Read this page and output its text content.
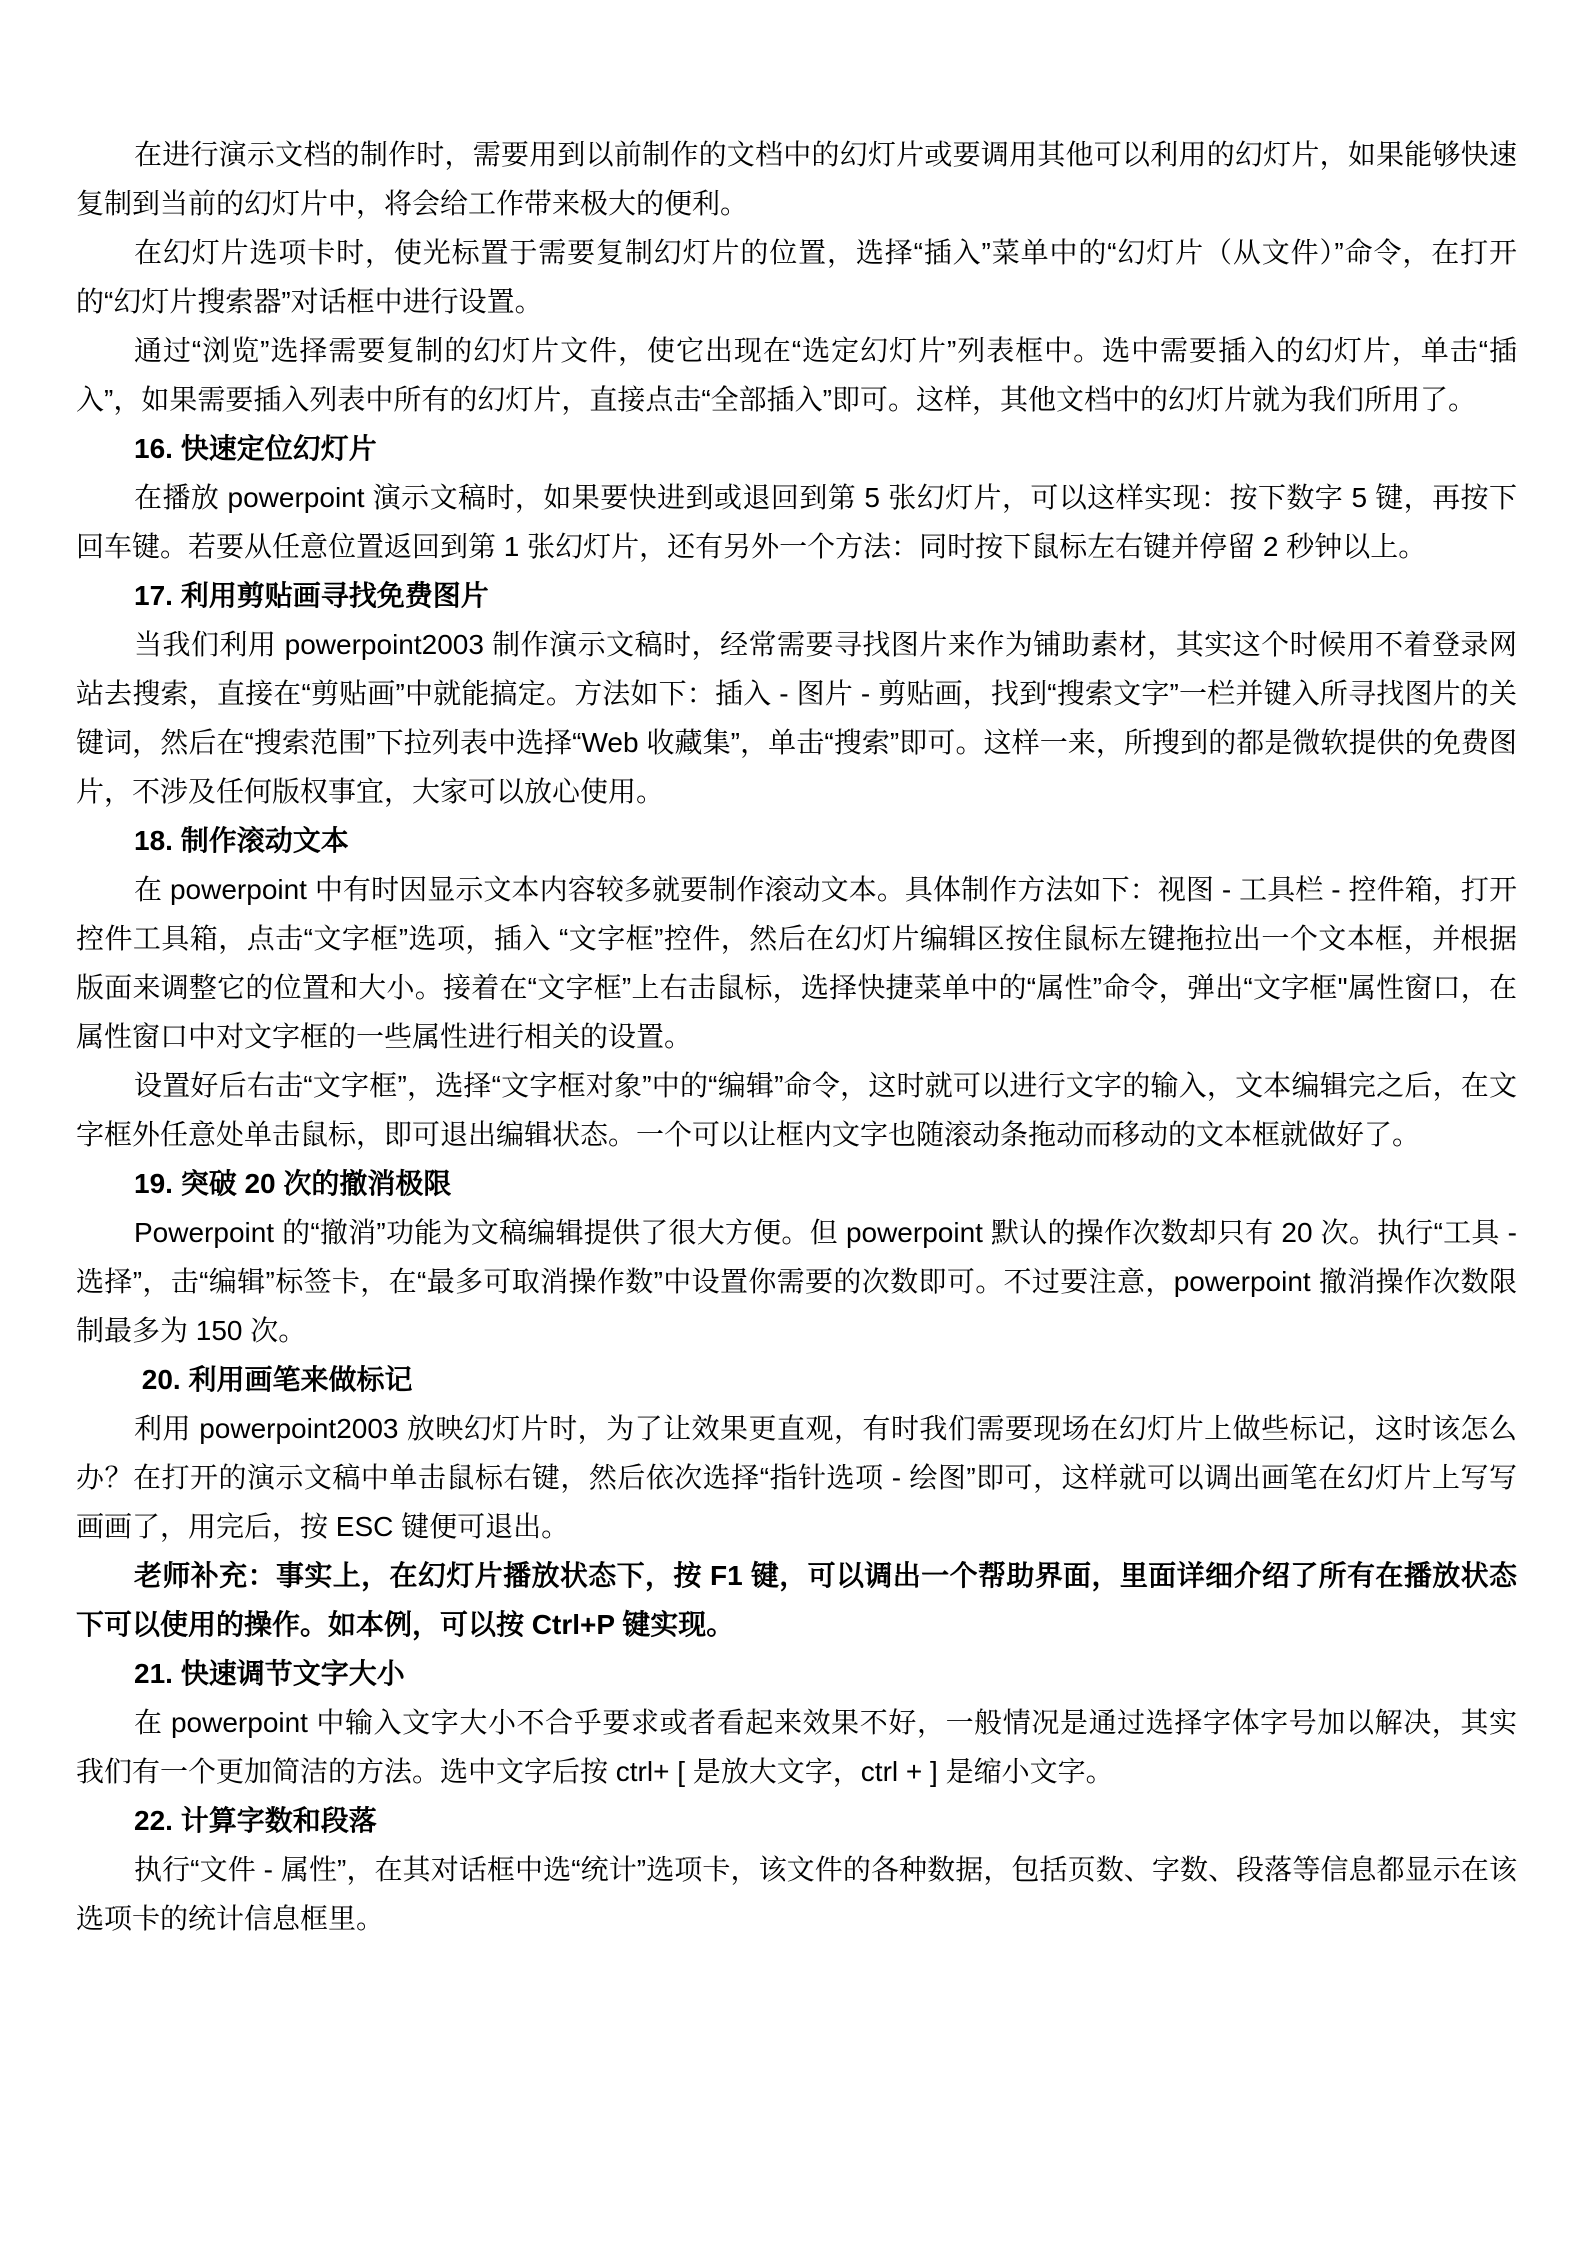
在进行演示文档的制作时，需要用到以前制作的文档中的幻灯片或要调用其他可以利用的幻灯片，如果能够快速复制到当前的幻灯片中，将会给工作带来极大的便利。

在幻灯片选项卡时，使光标置于需要复制幻灯片的位置，选择“插入”菜单中的“幻灯片（从文件）”命令，在打开的“幻灯片搜索器”对话框中进行设置。

通过“浏览”选择需要复制的幻灯片文件，使它出现在“选定幻灯片”列表框中。选中需要插入的幻灯片，单击“插入”，如果需要插入列表中所有的幻灯片，直接点击“全部插入”即可。这样，其他文档中的幻灯片就为我们所用了。

16. 快速定位幻灯片

在播放 powerpoint 演示文稿时，如果要快进到或退回到第 5 张幻灯片，可以这样实现：按下数字 5 键，再按下回车键。若要从任意位置返回到第 1 张幻灯片，还有另外一个方法：同时按下鼠标左右键并停留 2 秒钟以上。

17. 利用剪贴画寻找免费图片

当我们利用 powerpoint2003 制作演示文稿时，经常需要寻找图片来作为铺助素材，其实这个时候用不着登录网站去搜索，直接在“剪贴画”中就能搞定。方法如下：插入 - 图片 - 剪贴画，找到“搜索文字”一栏并键入所寻找图片的关键词，然后在“搜索范围”下拉列表中选择“Web 收藏集”，单击“搜索”即可。这样一来，所搜到的都是微软提供的免费图片，不涉及任何版权事宜，大家可以放心使用。

18. 制作滚动文本

在 powerpoint 中有时因显示文本内容较多就要制作滚动文本。具体制作方法如下：视图 - 工具栏 - 控件箱，打开控件工具箱，点击“文字框”选项，插入 “文字框”控件，然后在幻灯片编辑区按住鼠标左键拖拉出一个文本框，并根据版面来调整它的位置和大小。接着在“文字框”上右击鼠标，选择快捷菜单中的“属性”命令，弹出“文字框"属性窗口，在属性窗口中对文字框的一些属性进行相关的设置。

设置好后右击“文字框”，选择“文字框对象”中的“编辑”命令，这时就可以进行文字的输入，文本编辑完之后，在文字框外任意处单击鼠标，即可退出编辑状态。一个可以让框内文字也随滚动条拖动而移动的文本框就做好了。

19. 突破 20 次的撤消极限

Powerpoint 的“撤消”功能为文稿编辑提供了很大方便。但 powerpoint 默认的操作次数却只有 20 次。执行“工具 - 选择”，击“编辑”标签卡，在“最多可取消操作数”中设置你需要的次数即可。不过要注意，powerpoint 撤消操作次数限制最多为 150 次。

20. 利用画笔来做标记

利用 powerpoint2003 放映幻灯片时，为了让效果更直观，有时我们需要现场在幻灯片上做些标记，这时该怎么办？在打开的演示文稿中单击鼠标右键，然后依次选择“指针选项 - 绘图”即可，这样就可以调出画笔在幻灯片上写写画画了，用完后，按 ESC 键便可退出。

老师补充：事实上，在幻灯片播放状态下，按 F1 键，可以调出一个帮助界面，里面详细介绍了所有在播放状态下可以使用的操作。如本例，可以按 Ctrl+P 键实现。

21. 快速调节文字大小

在 powerpoint 中输入文字大小不合乎要求或者看起来效果不好，一般情况是通过选择字体字号加以解决，其实我们有一个更加简洁的方法。选中文字后按 ctrl+ [ 是放大文字，ctrl + ] 是缩小文字。

22. 计算字数和段落

执行“文件 - 属性”，在其对话框中选“统计”选项卡，该文件的各种数据，包括页数、字数、段落等信息都显示在该选项卡的统计信息框里。
